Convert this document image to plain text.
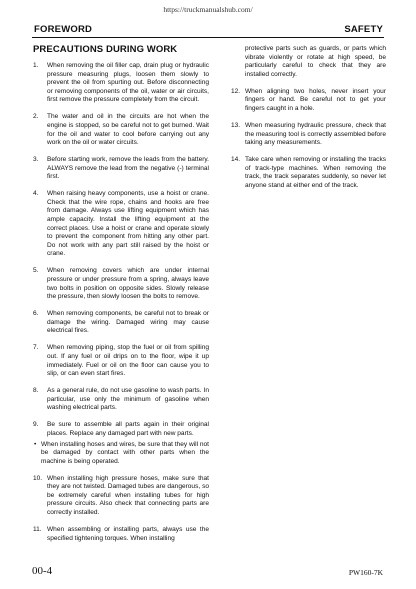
https://truckmanualshub.com/
FOREWORD	SAFETY
PRECAUTIONS DURING WORK
1.	When removing the oil filler cap, drain plug or hydraulic pressure measuring plugs, loosen them slowly to prevent the oil from spurting out. Before disconnecting or removing components of the oil, water or air circuits, first remove the pressure completely from the circuit.
2.	The water and oil in the circuits are hot when the engine is stopped, so be careful not to get burned. Wait for the oil and water to cool before carrying out any work on the oil or water circuits.
3.	Before starting work, remove the leads from the battery. ALWAYS remove the lead from the negative (-) terminal first.
4.	When raising heavy components, use a hoist or crane. Check that the wire rope, chains and hooks are free from damage. Always use lifting equipment which has ample capacity. Install the lifting equipment at the correct places. Use a hoist or crane and operate slowly to prevent the component from hitting any other part. Do not work with any part still raised by the hoist or crane.
5.	When removing covers which are under internal pressure or under pressure from a spring, always leave two bolts in position on opposite sides. Slowly release the pressure, then slowly loosen the bolts to remove.
6.	When removing components, be careful not to break or damage the wiring. Damaged wiring may cause electrical fires.
7.	When removing piping, stop the fuel or oil from spilling out. If any fuel or oil drips on to the floor, wipe it up immediately. Fuel or oil on the floor can cause you to slip, or can even start fires.
8.	As a general rule, do not use gasoline to wash parts. In particular, use only the minimum of gasoline when washing electrical parts.
9.	Be sure to assemble all parts again in their original places. Replace any damaged part with new parts.
• When installing hoses and wires, be sure that they will not be damaged by contact with other parts when the machine is being operated.
10. When installing high pressure hoses, make sure that they are not twisted. Damaged tubes are dangerous, so be extremely careful when installing tubes for high pressure circuits. Also check that connecting parts are correctly installed.
11. When assembling or installing parts, always use the specified tightening torques. When installing
protective parts such as guards, or parts which vibrate violently or rotate at high speed, be particularly careful to check that they are installed correctly.
12. When aligning two holes, never insert your fingers or hand. Be careful not to get your fingers caught in a hole.
13. When measuring hydraulic pressure, check that the measuring tool is correctly assembled before taking any measurements.
14. Take care when removing or installing the tracks of track-type machines. When removing the track, the track separates suddenly, so never let anyone stand at either end of the track.
00-4	PW160-7K
